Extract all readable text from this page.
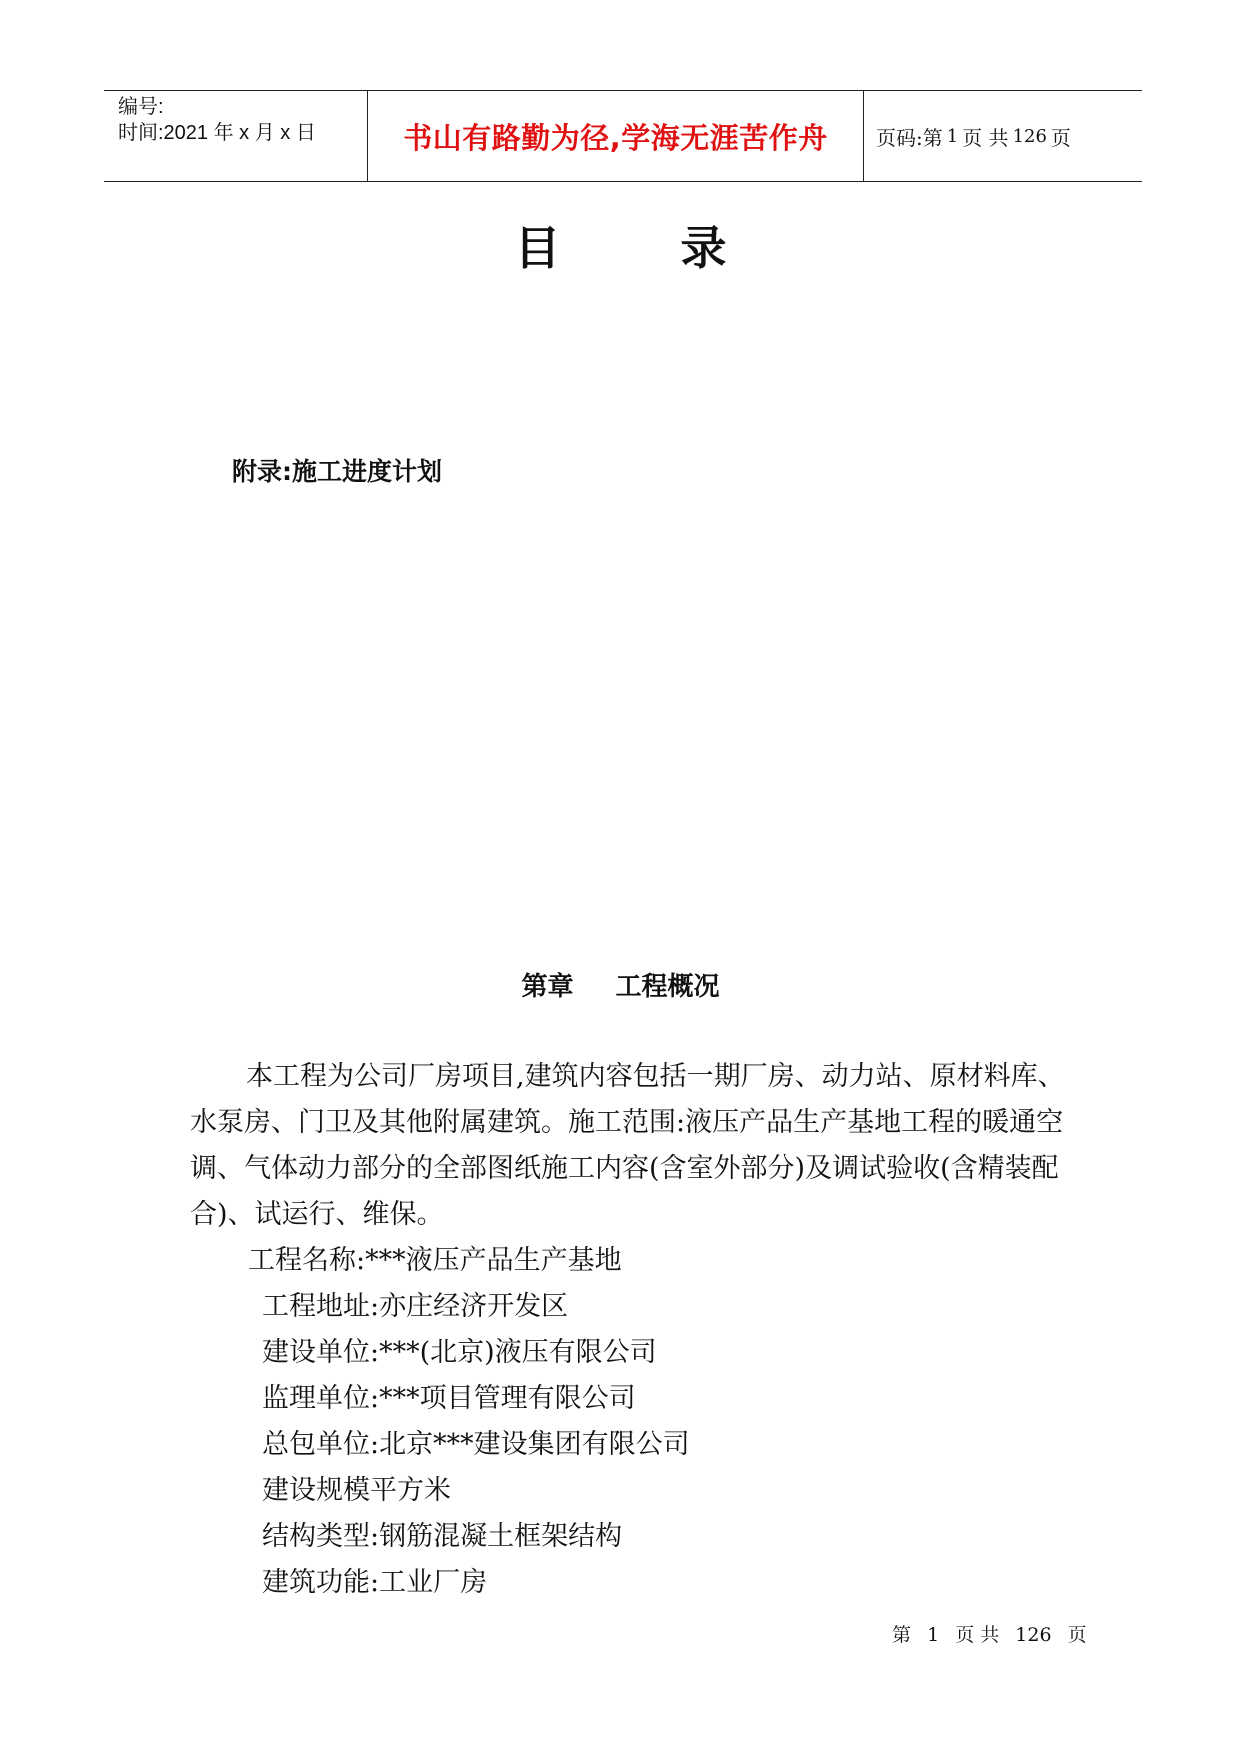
编号:
时间:2021 年 x 月 x 日	书山有路勤为径,学海无涯苦作舟 页码:第 1 页 共 126 页
目	录
附录:施工进度计划
第章 工程概况

本工程为公司厂房项目,建筑内容包括一期厂房、动力站、原材料库、水泵房、门卫及其他附属建筑。施工范围:液压产品生产基地工程的暖通空调、气体动力部分的全部图纸施工内容(含室外部分)及调试验收(含精装配合)、试运行、维保。

工程名称:***液压产品生产基地
工程地址:亦庄经济开发区
建设单位:***(北京)液压有限公司
监理单位:***项目管理有限公司
总包单位:北京***建设集团有限公司
建设规模平方米
结构类型:钢筋混凝土框架结构
建筑功能:工业厂房
第 1 页 共 126 页
